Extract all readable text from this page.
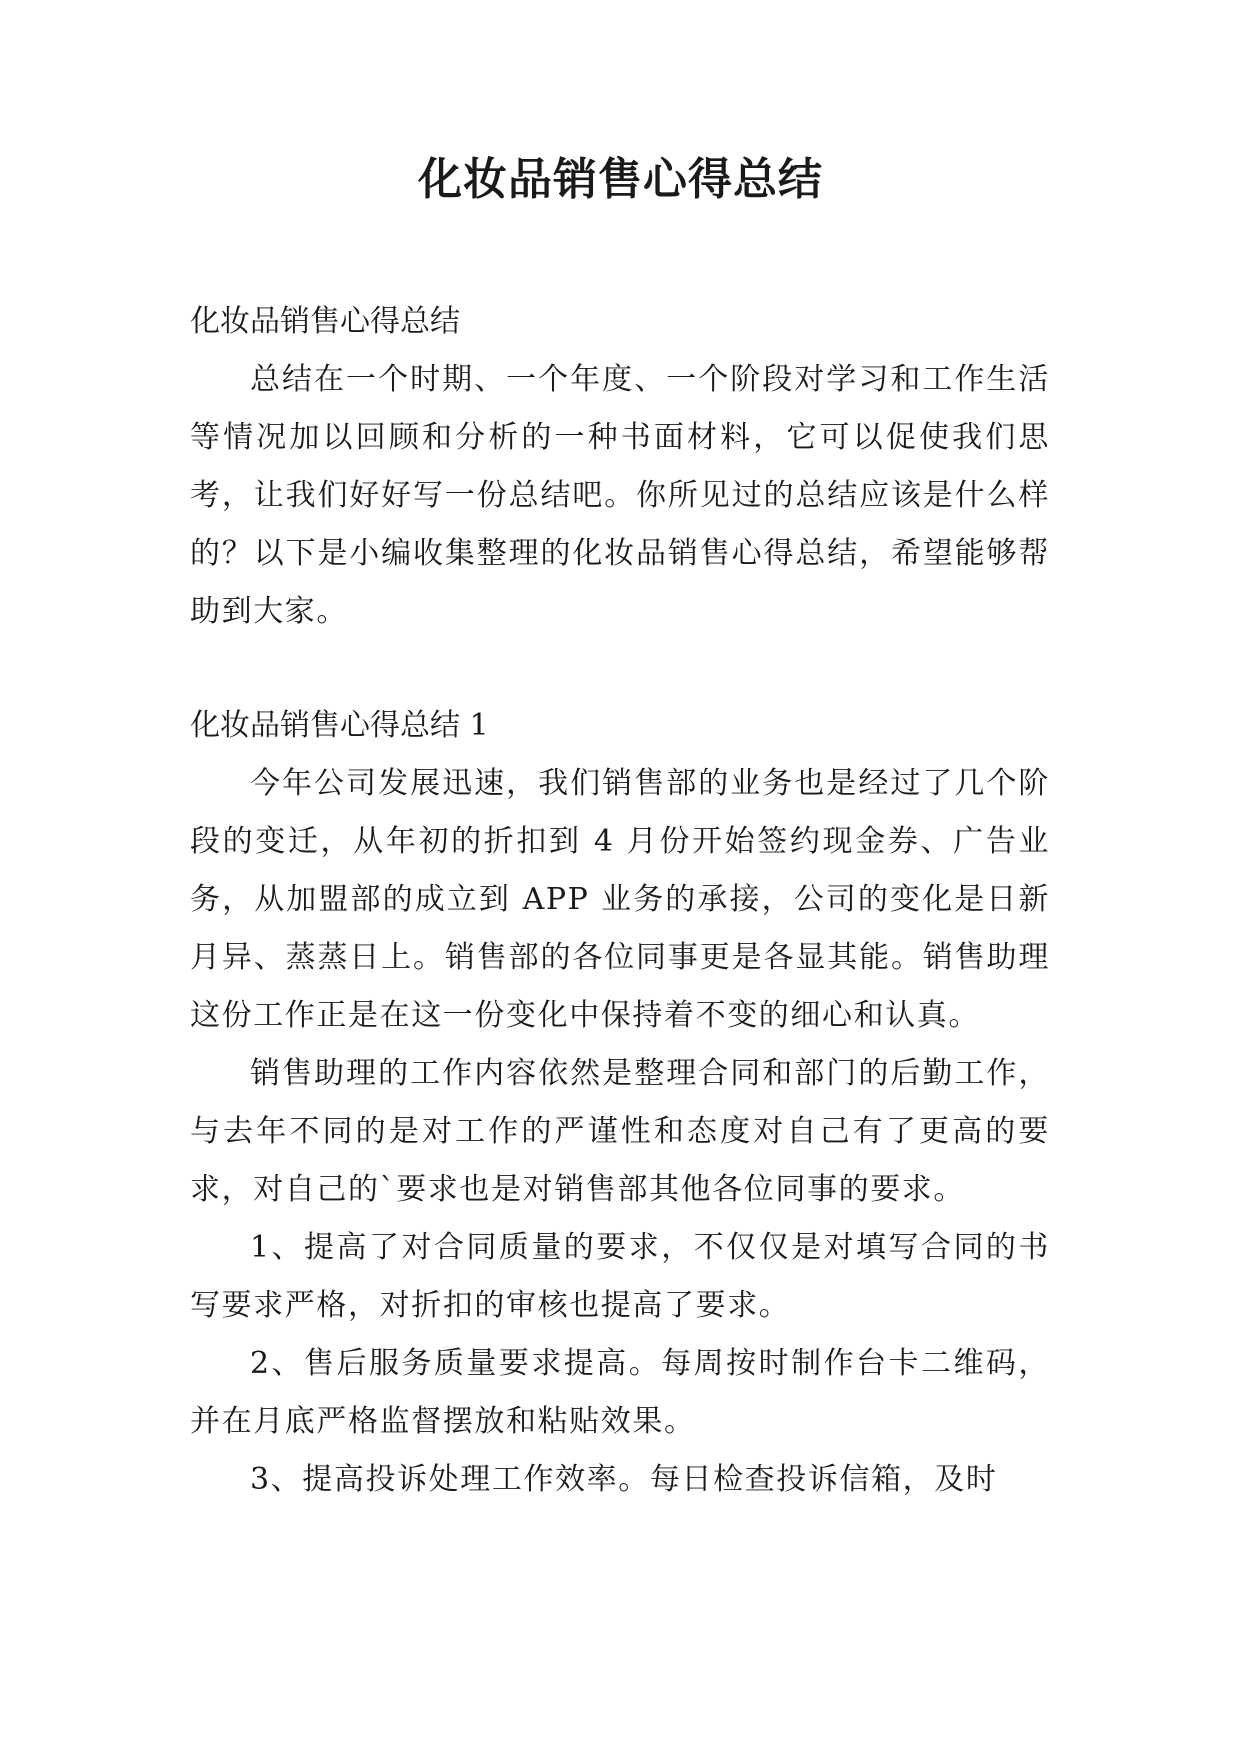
化妆品销售心得总结

化妆品销售心得总结

总结在一个时期、一个年度、一个阶段对学习和工作生活等情况加以回顾和分析的一种书面材料，它可以促使我们思考，让我们好好写一份总结吧。你所见过的总结应该是什么样的？以下是小编收集整理的化妆品销售心得总结，希望能够帮助到大家。

化妆品销售心得总结 1

今年公司发展迅速，我们销售部的业务也是经过了几个阶段的变迁，从年初的折扣到 4 月份开始签约现金券、广告业务，从加盟部的成立到 APP 业务的承接，公司的变化是日新月异、蒸蒸日上。销售部的各位同事更是各显其能。销售助理这份工作正是在这一份变化中保持着不变的细心和认真。

销售助理的工作内容依然是整理合同和部门的后勤工作，与去年不同的是对工作的严谨性和态度对自己有了更高的要求，对自己的`要求也是对销售部其他各位同事的要求。

1、提高了对合同质量的要求，不仅仅是对填写合同的书写要求严格，对折扣的审核也提高了要求。

2、售后服务质量要求提高。每周按时制作台卡二维码，并在月底严格监督摆放和粘贴效果。

3、提高投诉处理工作效率。每日检查投诉信箱，及时
